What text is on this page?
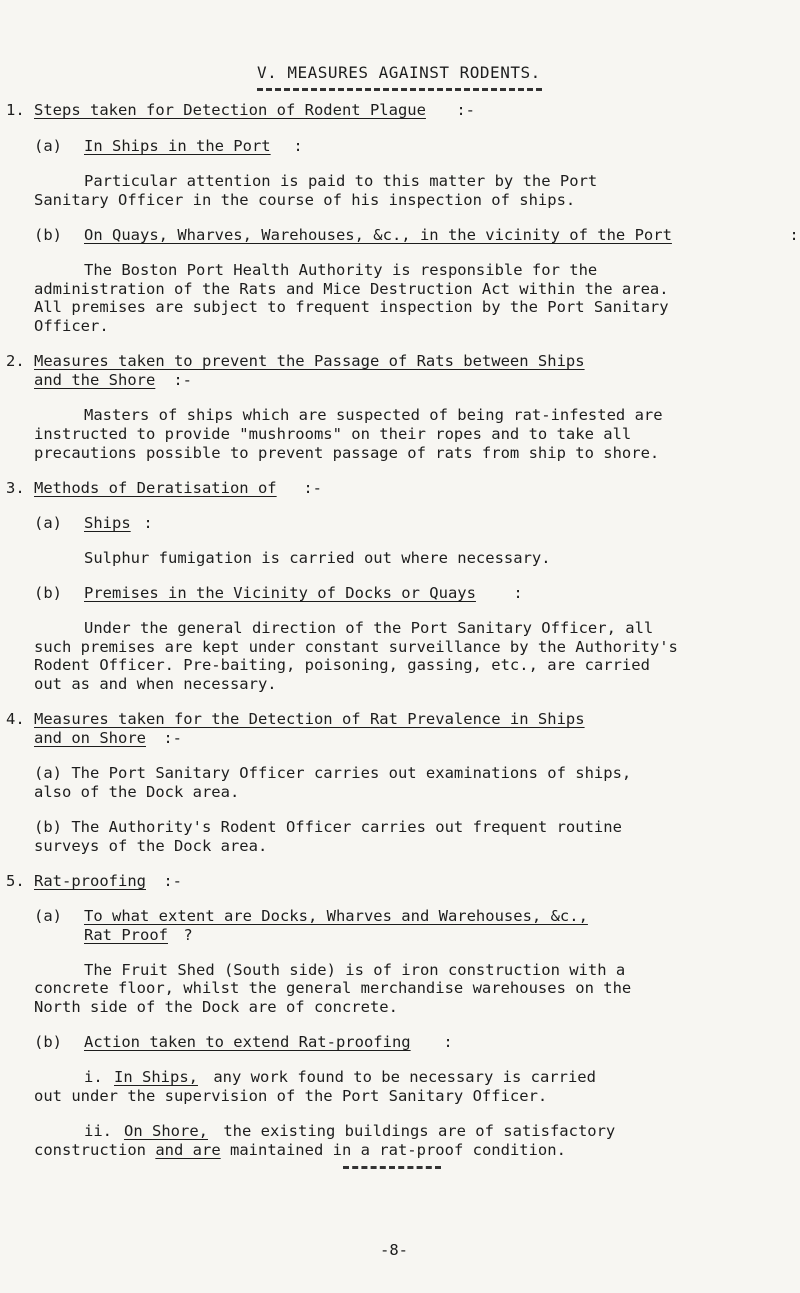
V. MEASURES AGAINST RODENTS.
1. Steps taken for Detection of Rodent Plague :-
(a) In Ships in the Port :
Particular attention is paid to this matter by the Port
Sanitary Officer in the course of his inspection of ships.
(b) On Quays, Wharves, Warehouses, &c., in the vicinity of the Port	:
The Boston Port Health Authority is responsible for the
administration of the Rats and Mice Destruction Act within the area.
All premises are subject to frequent inspection by the Port Sanitary
Officer.
2. Measures taken to prevent the Passage of Rats between Ships
and the Shore :-
Masters of ships which are suspected of being rat-infested are
instructed to provide "mushrooms" on their ropes and to take all
precautions possible to prevent passage of rats from ship to shore.
3. Methods of Deratisation of :-
(a) Ships :
Sulphur fumigation is carried out where necessary.
(b) Premises in the Vicinity of Docks or Quays :
Under the general direction of the Port Sanitary Officer, all
such premises are kept under constant surveillance by the Authority's
Rodent Officer. Pre-baiting, poisoning, gassing, etc., are carried
out as and when necessary.
4. Measures taken for the Detection of Rat Prevalence in Ships
and on Shore :-
(a) The Port Sanitary Officer carries out examinations of ships,
also of the Dock area.
(b) The Authority's Rodent Officer carries out frequent routine
surveys of the Dock area.
5. Rat-proofing :-
(a) To what extent are Docks, Wharves and Warehouses, &c.,
Rat Proof ?
The Fruit Shed (South side) is of iron construction with a
concrete floor, whilst the general merchandise warehouses on the
North side of the Dock are of concrete.
(b) Action taken to extend Rat-proofing :
i. In Ships, any work found to be necessary is carried
out under the supervision of the Port Sanitary Officer.
ii. On Shore, the existing buildings are of satisfactory
construction and are maintained in a rat-proof condition.
-8-
